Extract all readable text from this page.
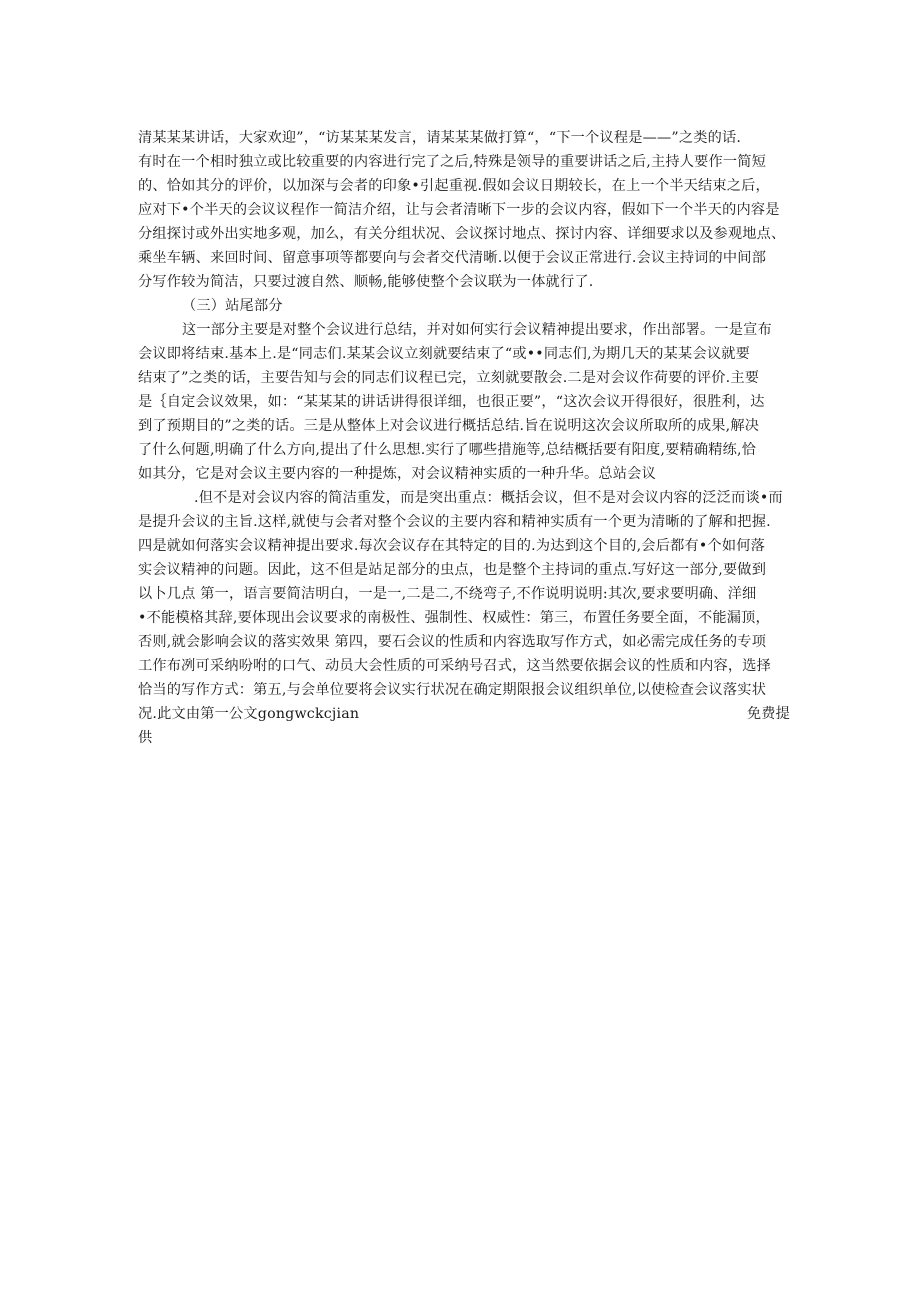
清某某某讲话，大家欢迎”，“访某某某发言，请某某某做打算“，“下一个议程是——”之类的话.
有时在一个相时独立或比较重要的内容进行完了之后,特殊是领导的重要讲话之后,主持人要作一简短
的、恰如其分的评价，以加深与会者的印象•引起重视.假如会议日期较长，在上一个半天结束之后，
应对下•个半天的会议议程作一简洁介绍，让与会者清晰下一步的会议内容，假如下一个半天的内容是
分组探讨或外出实地多观，加么，有关分组状况、会议探讨地点、探讨内容、详细要求以及参观地点、
乘坐车辆、来回时间、留意事项等都要向与会者交代清晰.以便于会议正常进行.会议主持词的中间部
分写作较为简洁，只要过渡自然、顺畅,能够使整个会议联为一体就行了.
（三）站尾部分
这一部分主要是对整个会议进行总结，并对如何实行会议精神提出要求，作出部署。一是宣布
会议即将结束.基本上.是“同志们.某某会议立刻就要结束了“或••同志们,为期几天的某某会议就要
结束了”之类的话，主要告知与会的同志们议程已完，立刻就要散会.二是对会议作荷要的评价.主要
是｛自定会议效果，如：“某某某的讲话讲得很详细，也很正要”，“这次会议开得很好，很胜利，达
到了预期目的”之类的话。三是从整体上对会议进行概括总结.旨在说明这次会议所取所的成果,解决
了什么何题,明确了什么方向,提出了什么思想.实行了哪些措施等,总结概括要有阳度,要精确精练,恰
如其分，它是对会议主要内容的一种提炼，对会议精神实质的一种升华。总站会议
.但不是对会议内容的简洁重发，而是突出重点：概括会议，但不是对会议内容的泛泛而谈•而
是提升会议的主旨.这样,就使与会者对整个会议的主要内容和精神实质有一个更为清晰的了解和把握.
四是就如何落实会议精神提出要求.每次会议存在其特定的目的.为达到这个目的,会后都有•个如何落
实会议精神的问题。因此，这不但是站足部分的虫点，也是整个主持词的重点.写好这一部分,要做到
以卜几点 第一，语言要简洁明白，一是一,二是二,不绕弯子,不作说明说明:其次,要求要明确、洋细
•不能模格其辞,要体现出会议要求的南极性、强制性、权威性：第三，布置任务要全面，不能漏顶，
否则,就会影响会议的落实效果 第四，要石会议的性质和内容选取写作方式，如必需完成任务的专项
工作布冽可采纳吩咐的口气、动员大会性质的可采纳号召式，这当然要依据会议的性质和内容，选择
恰当的写作方式：第五,与会单位要将会议实行状况在确定期限报会议组织单位,以使检查会议落实状
况.此文由第一公文gongwckcjian	免费提
供
